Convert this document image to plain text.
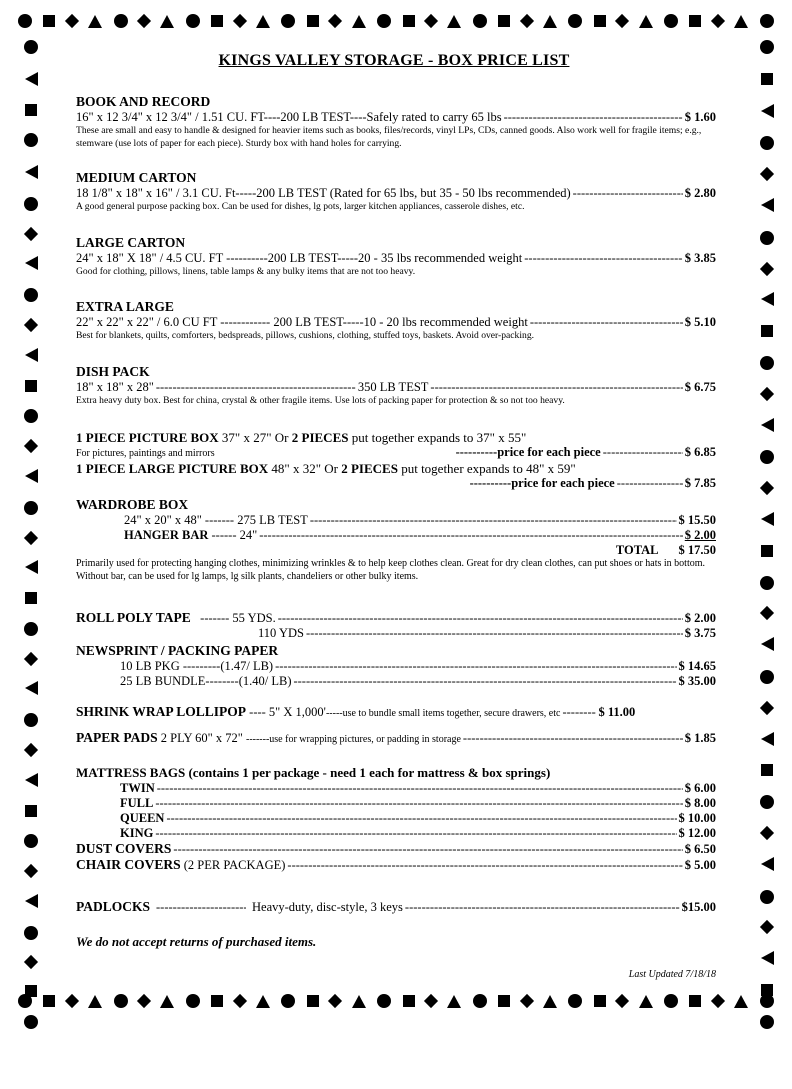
KINGS VALLEY STORAGE - BOX PRICE LIST
BOOK AND RECORD
16" x 12 3/4" x 12 3/4" / 1.51 CU. FT----200 LB TEST----Safely rated to carry 65 lbs -----	$ 1.60

These are small and easy to handle & designed for heavier items such as books, files/records, vinyl LPs, CDs, canned goods. Also work well for fragile items; e.g., stemware (use lots of paper for each piece). Sturdy box with hand holes for carrying.

MEDIUM CARTON
18 1/8" x 18" x 16" / 3.1 CU. Ft-----200 LB TEST (Rated for 65 lbs, but 35 - 50 lbs recommended) -----	$ 2.80

A good general purpose packing box. Can be used for dishes, lg pots, larger kitchen appliances, casserole dishes, etc.

LARGE CARTON
24" x 18" X 18" / 4.5 CU. FT ----------200 LB TEST-----20 - 35 lbs recommended weight -----	$ 3.85

Good for clothing, pillows, linens, table lamps & any bulky items that are not too heavy.

EXTRA LARGE
22" x 22" x 22" / 6.0 CU FT ------------ 200 LB TEST-----10 - 20 lbs recommended weight -----	$ 5.10

Best for blankets, quilts, comforters, bedspreads, pillows, cushions, clothing, stuffed toys, baskets. Avoid over-packing.

DISH PACK
18" x 18" x 28" -----	350 LB TEST -----	$ 6.75

Extra heavy duty box. Best for china, crystal & other fragile items. Use lots of packing paper for protection & so not too heavy.

1 PIECE PICTURE BOX
37" x 27" Or
2 PIECES
put together expands to 37" x 55"
For pictures, paintings and mirrors	----------price for each piece -----	$ 6.85
1 PIECE LARGE PICTURE BOX
48" x 32" Or
2 PIECES
put together expands to 48" x 59"
----------price for each piece -----	$ 7.85
WARDROBE BOX
24" x 20" x 48" ------- 275 LB TEST -----	$ 15.50
HANGER BAR
------ 24" -----	$ 2.00
TOTAL $ 17.50

Primarily used for protecting hanging clothes, minimizing wrinkles & to help keep clothes clean. Great for dry clean clothes, can put shoes or hats in bottom. Without bar, can be used for lg lamps, lg silk plants, chandeliers or other bulky items.

ROLL POLY TAPE
------- 55 YDS. -----	$ 2.00
110 YDS -----	$ 3.75
NEWSPRINT / PACKING PAPER
10 LB PKG ---------(1.47/ LB) -----	$ 14.65
25 LB BUNDLE--------(1.40/ LB) -----	$ 35.00
SHRINK WRAP LOLLIPOP
---- 5" X 1,000' -----use to bundle small items together, secure drawers, etc -----	$ 11.00
PAPER PADS
2 PLY 60" x 72"
-------use for wrapping pictures, or padding in storage -----	$ 1.85
MATTRESS BAGS (contains 1 per package - need 1 each for mattress & box springs)
TWIN -----	$ 6.00
FULL -----	$ 8.00
QUEEN -----	$ 10.00
KING -----	$ 12.00
DUST COVERS -----	$ 6.50
CHAIR COVERS
(2 PER PACKAGE) -----	$ 5.00
PADLOCKS -----	Heavy-duty, disc-style, 3 keys -----	$15.00
We do not accept returns of purchased items.
Last Updated 7/18/18
